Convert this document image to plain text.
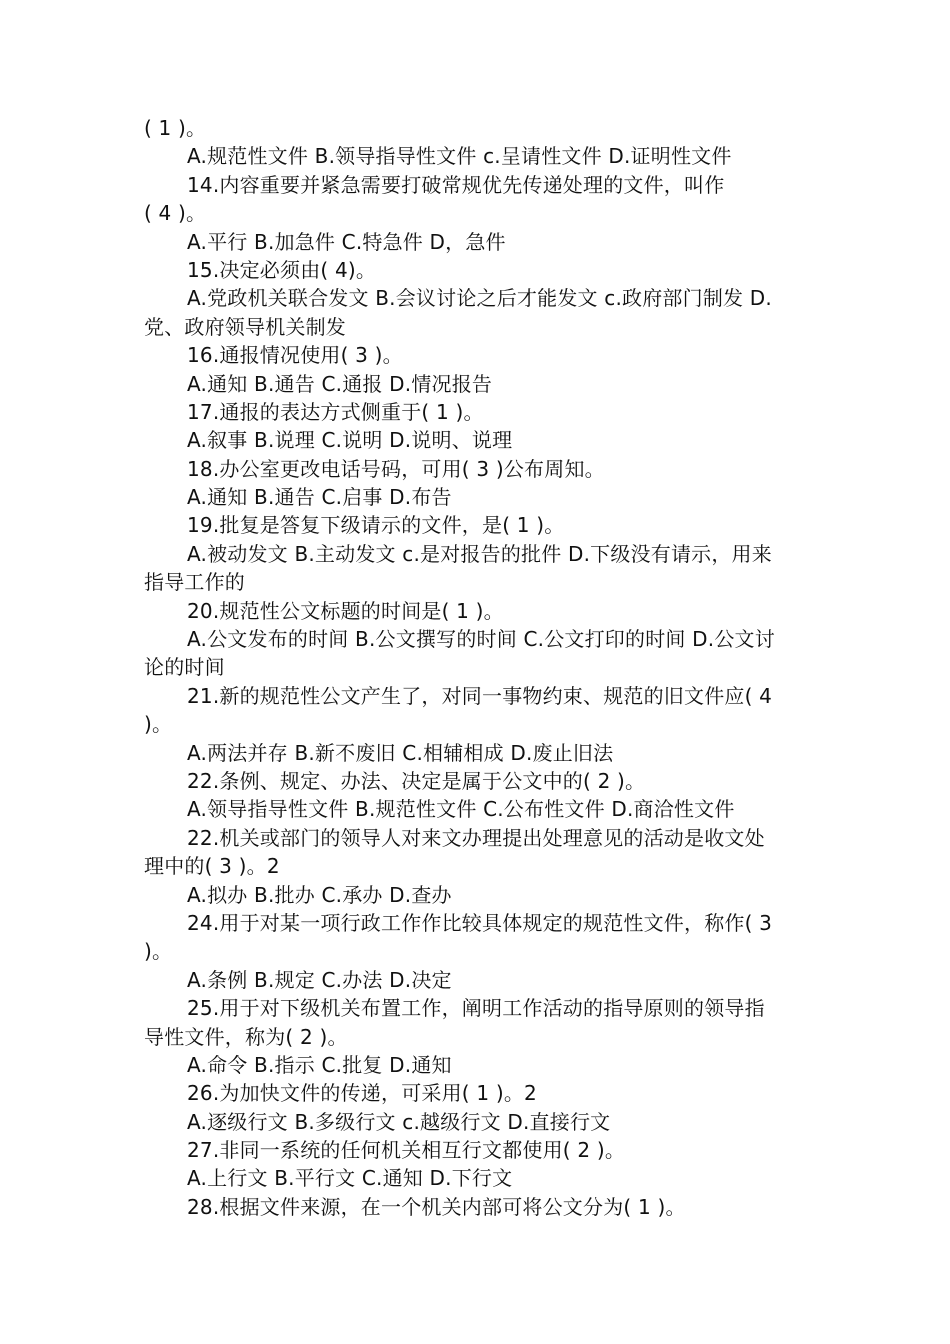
( 1 )。
A.规范性文件 B.领导指导性文件 c.呈请性文件 D.证明性文件
14.内容重要并紧急需要打破常规优先传递处理的文件，叫作
( 4 )。
A.平行 B.加急件 C.特急件 D，急件
15.决定必须由( 4)。
A.党政机关联合发文 B.会议讨论之后才能发文 c.政府部门制发 D.
党、政府领导机关制发
16.通报情况使用( 3 )。
A.通知 B.通告 C.通报 D.情况报告
17.通报的表达方式侧重于( 1 )。
A.叙事 B.说理 C.说明 D.说明、说理
18.办公室更改电话号码，可用( 3 )公布周知。
A.通知 B.通告 C.启事 D.布告
19.批复是答复下级请示的文件，是( 1 )。
A.被动发文 B.主动发文 c.是对报告的批件 D.下级没有请示，用来
指导工作的
20.规范性公文标题的时间是( 1 )。
A.公文发布的时间 B.公文撰写的时间 C.公文打印的时间 D.公文讨
论的时间
21.新的规范性公文产生了，对同一事物约束、规范的旧文件应( 4
)。
A.两法并存 B.新不废旧 C.相辅相成 D.废止旧法
22.条例、规定、办法、决定是属于公文中的( 2 )。
A.领导指导性文件 B.规范性文件 C.公布性文件 D.商洽性文件
22.机关或部门的领导人对来文办理提出处理意见的活动是收文处
理中的( 3 )。2
A.拟办 B.批办 C.承办 D.查办
24.用于对某一项行政工作作比较具体规定的规范性文件，称作( 3
)。
A.条例 B.规定 C.办法 D.决定
25.用于对下级机关布置工作，阐明工作活动的指导原则的领导指
导性文件，称为( 2 )。
A.命令 B.指示 C.批复 D.通知
26.为加快文件的传递，可采用( 1 )。2
A.逐级行文 B.多级行文 c.越级行文 D.直接行文
27.非同一系统的任何机关相互行文都使用( 2 )。
A.上行文 B.平行文 C.通知 D.下行文
28.根据文件来源，在一个机关内部可将公文分为( 1 )。
